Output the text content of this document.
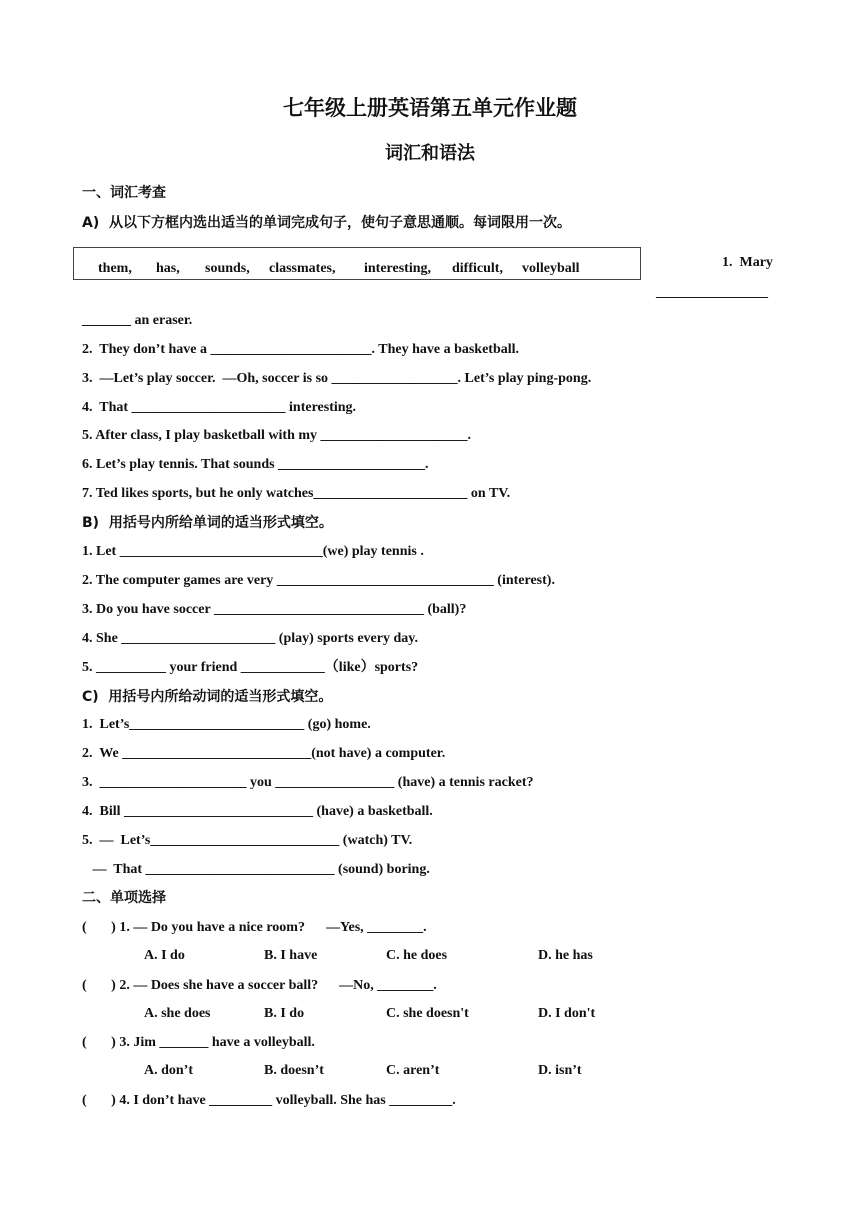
七年级上册英语第五单元作业题
词汇和语法
一、词汇考查
A)  从以下方框内选出适当的单词完成句子，使句子意思通顺。每词限用一次。
them, has, sounds, classmates, interesting, difficult, volleyball	1.  Mary
________________
_______ an eraser.
2.  They don’t have a _______________________. They have a basketball.
3.  —Let’s play soccer.  —Oh, soccer is so __________________. Let’s play ping-pong.
4.  That ______________________ interesting.
5. After class, I play basketball with my _____________________.
6. Let’s play tennis. That sounds _____________________.
7. Ted likes sports, but he only watches______________________ on TV.
B)  用括号内所给单词的适当形式填空。
1. Let _____________________________(we) play tennis .
2. The computer games are very _______________________________ (interest).
3. Do you have soccer ______________________________ (ball)?
4. She ______________________ (play) sports every day.
5. __________ your friend ____________（like）sports?
C)  用括号内所给动词的适当形式填空。
1.  Let’s_________________________ (go) home.
2.  We ___________________________(not have) a computer.
3.  _____________________ you _________________ (have) a tennis racket?
4.  Bill ___________________________ (have) a basketball.
5.  —  Let’s___________________________ (watch) TV.
—  That ___________________________ (sound) boring.
二、单项选择
(       ) 1. — Do you have a nice room?      —Yes, ________.
A. I do	B. I have	C. he does	D. he has
(       ) 2. — Does she have a soccer ball?      —No, ________.
A. she does	B. I do	C. she doesn't	D. I don't
(       ) 3. Jim _______ have a volleyball.
A. don’t	B. doesn’t	C. aren’t	D. isn’t
(       ) 4. I don’t have _________ volleyball. She has _________.
